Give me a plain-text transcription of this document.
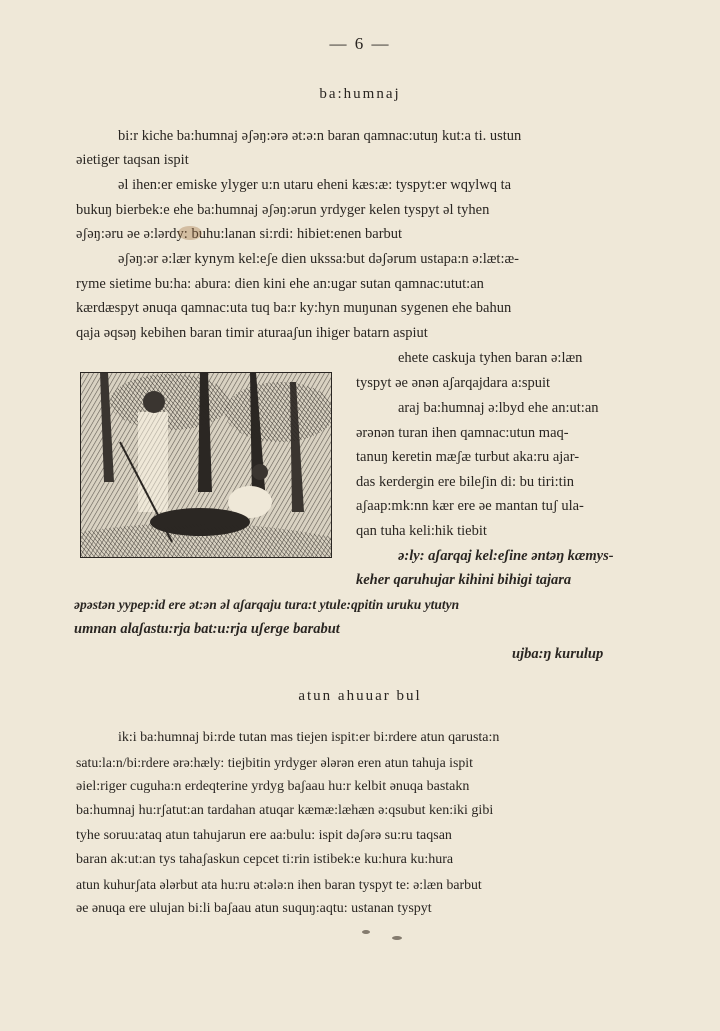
— 6 —
ba:humnaj
bi:r kiche ba:humnaj əʃəŋ:ərə ət:ə:n baran qamnac:utuŋ kut:a ti. ustun
əietiger taqsan ispit
əl ihen:er emiske ylyger u:n utaru eheni kæs:æ: tyspyt:er wqylwq ta
bukuŋ bierbek:e ehe ba:humnaj əʃəŋ:ərun yrdyger kelen tyspyt əl tyhen
əʃəŋ:əru əe ə:lərdy: buhu:lanan si:rdi: hibiet:enen barbut
əʃəŋ:ər ə:lær kynym kel:eʃe dien ukssa:but dəʃərum ustapa:n ə:læt:æ-
ryme sietime bu:ha: abura: dien kini ehe an:ugar sutan qamnac:utut:an
kærdæspyt ənuqa qamnac:uta tuq ba:r ky:hyn muŋunan sygenen ehe bahun
qaja əqsəŋ kebihen baran timir aturaaʃun ihiger batarn aspiut
ehete caskuja tyhen baran ə:læn
tyspyt əe ənən aʃarqajdara a:spuit
araj ba:humnaj ə:lbyd ehe an:ut:an
ərənən turan ihen qamnac:utun maq-
tanuŋ keretin mæʃæ turbut aka:ru ajar-
das kerdergin ere bileʃin di: bu tiri:tin
aʃaap:mk:nn kær ere əe mantan tuʃ ula-
qan tuha keli:hik tiebit
ə:ly: aʃarqaj kel:eʃine əntəŋ kæmys-
keher qaruhujar kihini bihigi tajara
əpəstən yypep:id ere ət:ən əl aʃarqaju tura:t ytule:qpitin uruku ytutyn
umnan alaʃastu:rja bat:u:rja uʃerge barabut
ujba:ŋ kurulup
atun ahuuar bul
ik:i ba:humnaj bi:rde tutan mas tiejen ispit:er bi:rdere atun qarusta:n
satu:la:n/bi:rdere ərə:hæly: tiejbitin yrdyger ələrən eren atun tahuja ispit
əiel:riger cuguha:n erdeqterine yrdyg baʃaau hu:r kelbit ənuqa bastakn
ba:humnaj hu:rʃatut:an tardahan atuqar kæmæ:læhæn ə:qsubut ken:iki gibi
tyhe soruu:ataq atun tahujarun ere aa:bulu: ispit dəʃərə su:ru taqsan
baran ak:ut:an tys tahaʃaskun cepcet ti:rin istibek:e ku:hura ku:hura
atun kuhurʃata ələrbut ata hu:ru ət:ələ:n ihen baran tyspyt te: ə:læn barbut
əe ənuqa ere ulujan bi:li baʃaau atun suquŋ:aqtu: ustanan tyspyt
